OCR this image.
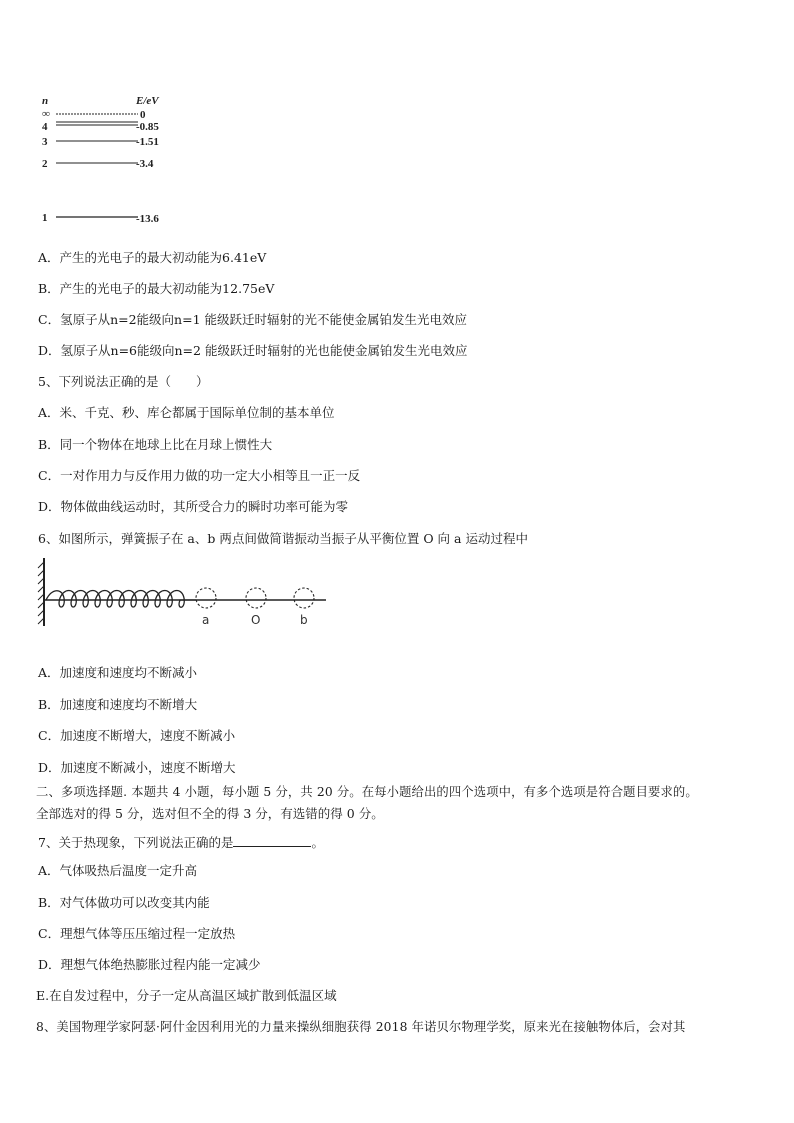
n	E/eV
∞	0
4	-0.85
3	-1.51
2	-3.4
1	-13.6
A．产生的光电子的最大初动能为6.41eV
B．产生的光电子的最大初动能为12.75eV
C．氢原子从n=2能级向n=1 能级跃迁时辐射的光不能使金属铂发生光电效应
D．氢原子从n=6能级向n=2 能级跃迁时辐射的光也能使金属铂发生光电效应
5、下列说法正确的是（　　）
A．米、千克、秒、库仑都属于国际单位制的基本单位
B．同一个物体在地球上比在月球上惯性大
C．一对作用力与反作用力做的功一定大小相等且一正一反
D．物体做曲线运动时，其所受合力的瞬时功率可能为零
6、如图所示，弹簧振子在 a、b 两点间做简谐振动当振子从平衡位置 O 向 a 运动过程中
a	O	b
A．加速度和速度均不断减小
B．加速度和速度均不断增大
C．加速度不断增大，速度不断减小
D．加速度不断减小，速度不断增大
二、多项选择题. 本题共 4 小题，每小题 5 分，共 20 分。在每小题给出的四个选项中，有多个选项是符合题目要求的。
全部选对的得 5 分，选对但不全的得 3 分，有选错的得 0 分。
7、关于热现象，下列说法正确的是	。
A．气体吸热后温度一定升高
B．对气体做功可以改变其内能
C．理想气体等压压缩过程一定放热
D．理想气体绝热膨胀过程内能一定减少
E.在自发过程中，分子一定从高温区域扩散到低温区域
8、美国物理学家阿瑟·阿什金因利用光的力量来操纵细胞获得 2018 年诺贝尔物理学奖，原来光在接触物体后，会对其
